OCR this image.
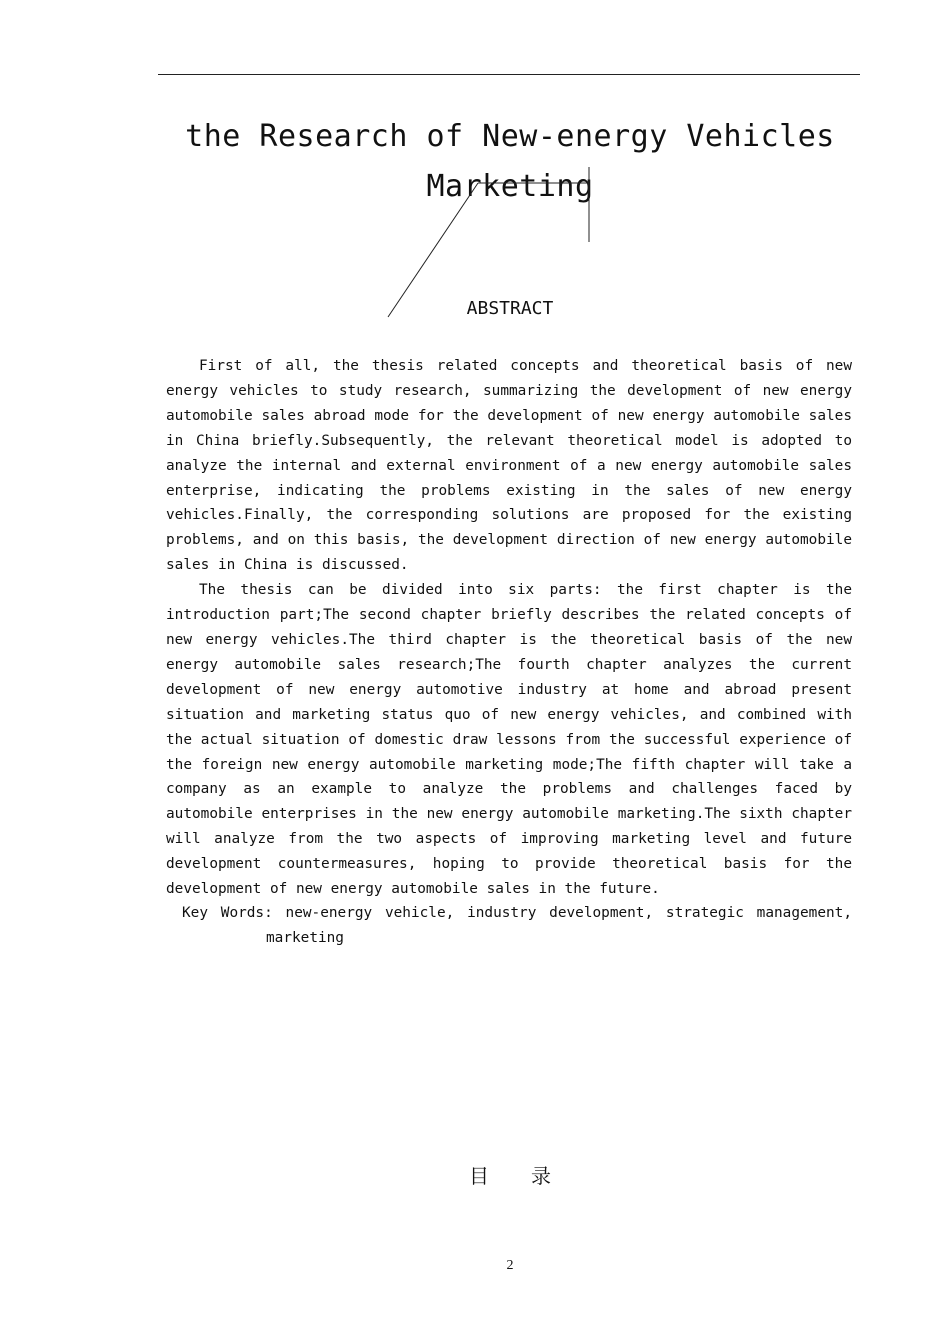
the Research of New-energy Vehicles
Marketing
ABSTRACT

First of all, the thesis related concepts and theoretical basis of new energy vehicles to study research, summarizing the development of new energy automobile sales abroad mode for the development of new energy automobile sales in China briefly.Subsequently, the relevant theoretical model is adopted to analyze the internal and external environment of a new energy automobile sales enterprise, indicating the problems existing in the sales of new energy vehicles.Finally, the corresponding solutions are proposed for the existing problems, and on this basis, the development direction of new energy automobile sales in China is discussed.

The thesis can be divided into six parts: the first chapter is the introduction part;The second chapter briefly describes the related concepts of new energy vehicles.The third chapter is the theoretical basis of the new energy automobile sales research;The fourth chapter analyzes the current development of new energy automotive industry at home and abroad present situation and marketing status quo of new energy vehicles, and combined with the actual situation of domestic draw lessons from the successful experience of the foreign new energy automobile marketing mode;The fifth chapter will take a company as an example to analyze the problems and challenges faced by automobile enterprises in the new energy automobile marketing.The sixth chapter will analyze from the two aspects of improving marketing level and future development countermeasures, hoping to provide theoretical basis for the development of new energy automobile sales in the future.

Key Words: new-energy vehicle, industry development, strategic management,
marketing
目录
2
